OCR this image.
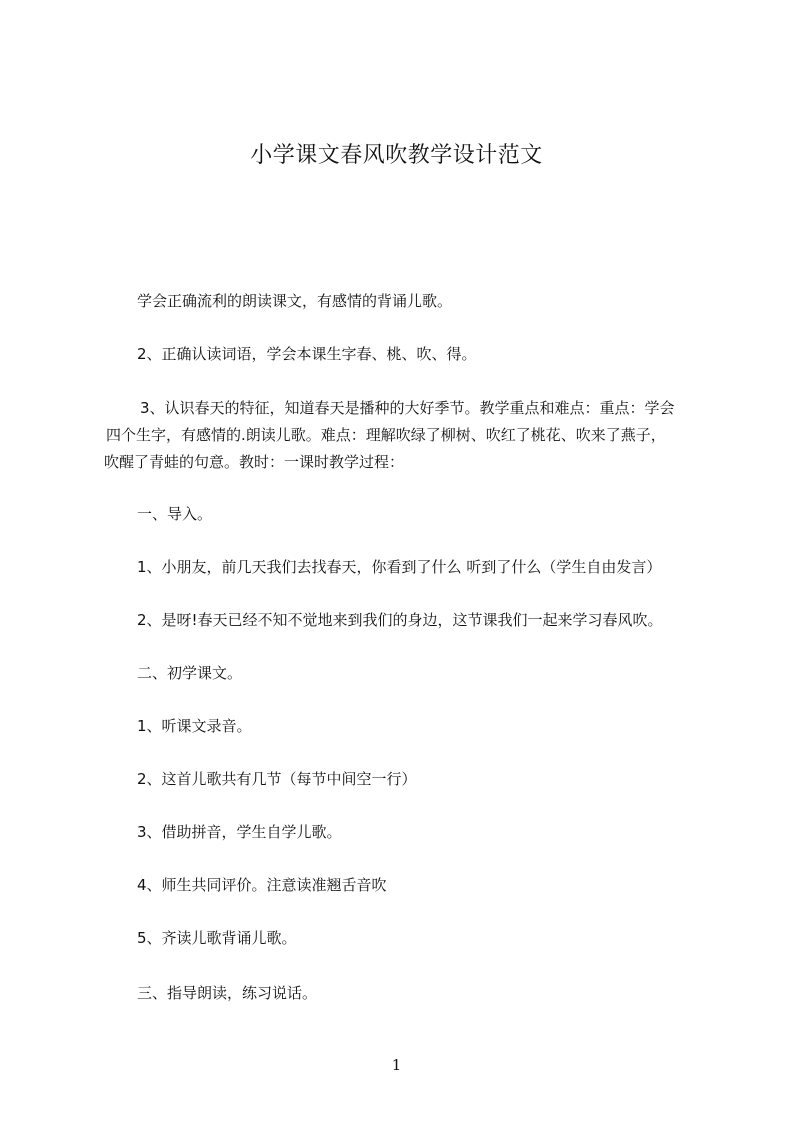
小学课文春风吹教学设计范文
学会正确流利的朗读课文，有感情的背诵儿歌。
2、正确认读词语，学会本课生字春、桃、吹、得。
3、认识春天的特征，知道春天是播种的大好季节。教学重点和难点：重点：学会
四个生字，有感情的.朗读儿歌。难点：理解吹绿了柳树、吹红了桃花、吹来了燕子，
吹醒了青蛙的句意。教时：一课时教学过程：
一、导入。
1、小朋友，前几天我们去找春天，你看到了什么 听到了什么（学生自由发言）
2、是呀!春天已经不知不觉地来到我们的身边，这节课我们一起来学习春风吹。
二、初学课文。
1、听课文录音。
2、这首儿歌共有几节（每节中间空一行）
3、借助拼音，学生自学儿歌。
4、师生共同评价。注意读准翘舌音吹
5、齐读儿歌背诵儿歌。
三、指导朗读，练习说话。
1
